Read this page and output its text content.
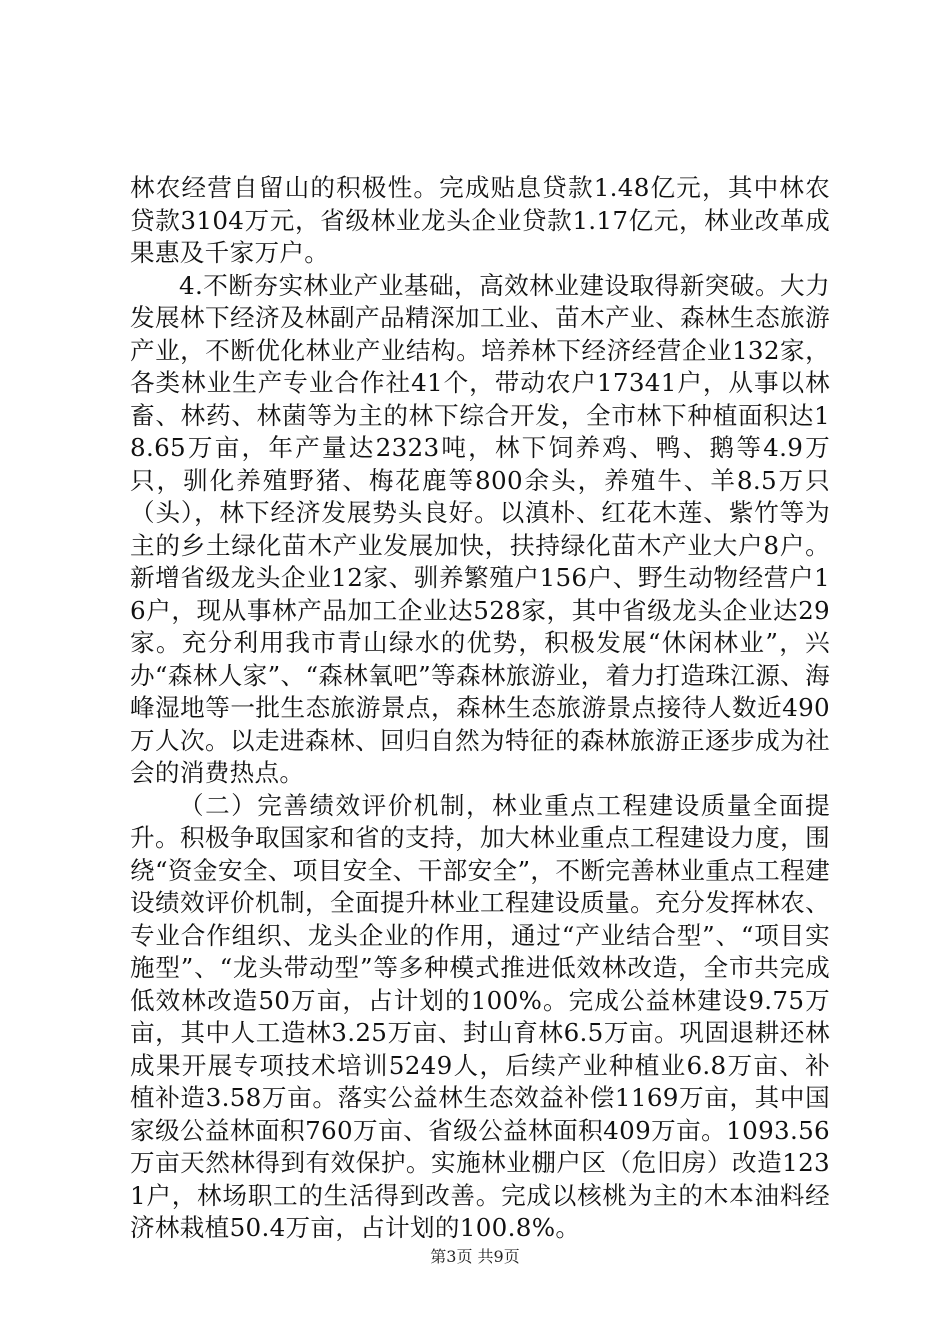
林农经营自留山的积极性。完成贴息贷款1.48亿元，其中林农贷款3104万元，省级林业龙头企业贷款1.17亿元，林业改革成果惠及千家万户。

4.不断夯实林业产业基础，高效林业建设取得新突破。大力发展林下经济及林副产品精深加工业、苗木产业、森林生态旅游产业，不断优化林业产业结构。培养林下经济经营企业132家，各类林业生产专业合作社41个，带动农户17341户，从事以林畜、林药、林菌等为主的林下综合开发，全市林下种植面积达18.65万亩，年产量达2323吨，林下饲养鸡、鸭、鹅等4.9万只，驯化养殖野猪、梅花鹿等800余头，养殖牛、羊8.5万只（头），林下经济发展势头良好。以滇朴、红花木莲、紫竹等为主的乡土绿化苗木产业发展加快，扶持绿化苗木产业大户8户。新增省级龙头企业12家、驯养繁殖户156户、野生动物经营户16户，现从事林产品加工企业达528家，其中省级龙头企业达29家。充分利用我市青山绿水的优势，积极发展“休闲林业”，兴办“森林人家”、“森林氧吧”等森林旅游业，着力打造珠江源、海峰湿地等一批生态旅游景点，森林生态旅游景点接待人数近490万人次。以走进森林、回归自然为特征的森林旅游正逐步成为社会的消费热点。

（二）完善绩效评价机制，林业重点工程建设质量全面提升。积极争取国家和省的支持，加大林业重点工程建设力度，围绕“资金安全、项目安全、干部安全”，不断完善林业重点工程建设绩效评价机制，全面提升林业工程建设质量。充分发挥林农、专业合作组织、龙头企业的作用，通过“产业结合型”、“项目实施型”、“龙头带动型”等多种模式推进低效林改造，全市共完成低效林改造50万亩，占计划的100%。完成公益林建设9.75万亩，其中人工造林3.25万亩、封山育林6.5万亩。巩固退耕还林成果开展专项技术培训5249人，后续产业种植业6.8万亩、补植补造3.58万亩。落实公益林生态效益补偿1169万亩，其中国家级公益林面积760万亩、省级公益林面积409万亩。1093.56万亩天然林得到有效保护。实施林业棚户区（危旧房）改造1231户，林场职工的生活得到改善。完成以核桃为主的木本油料经济林栽植50.4万亩，占计划的100.8%。

第3页 共9页
